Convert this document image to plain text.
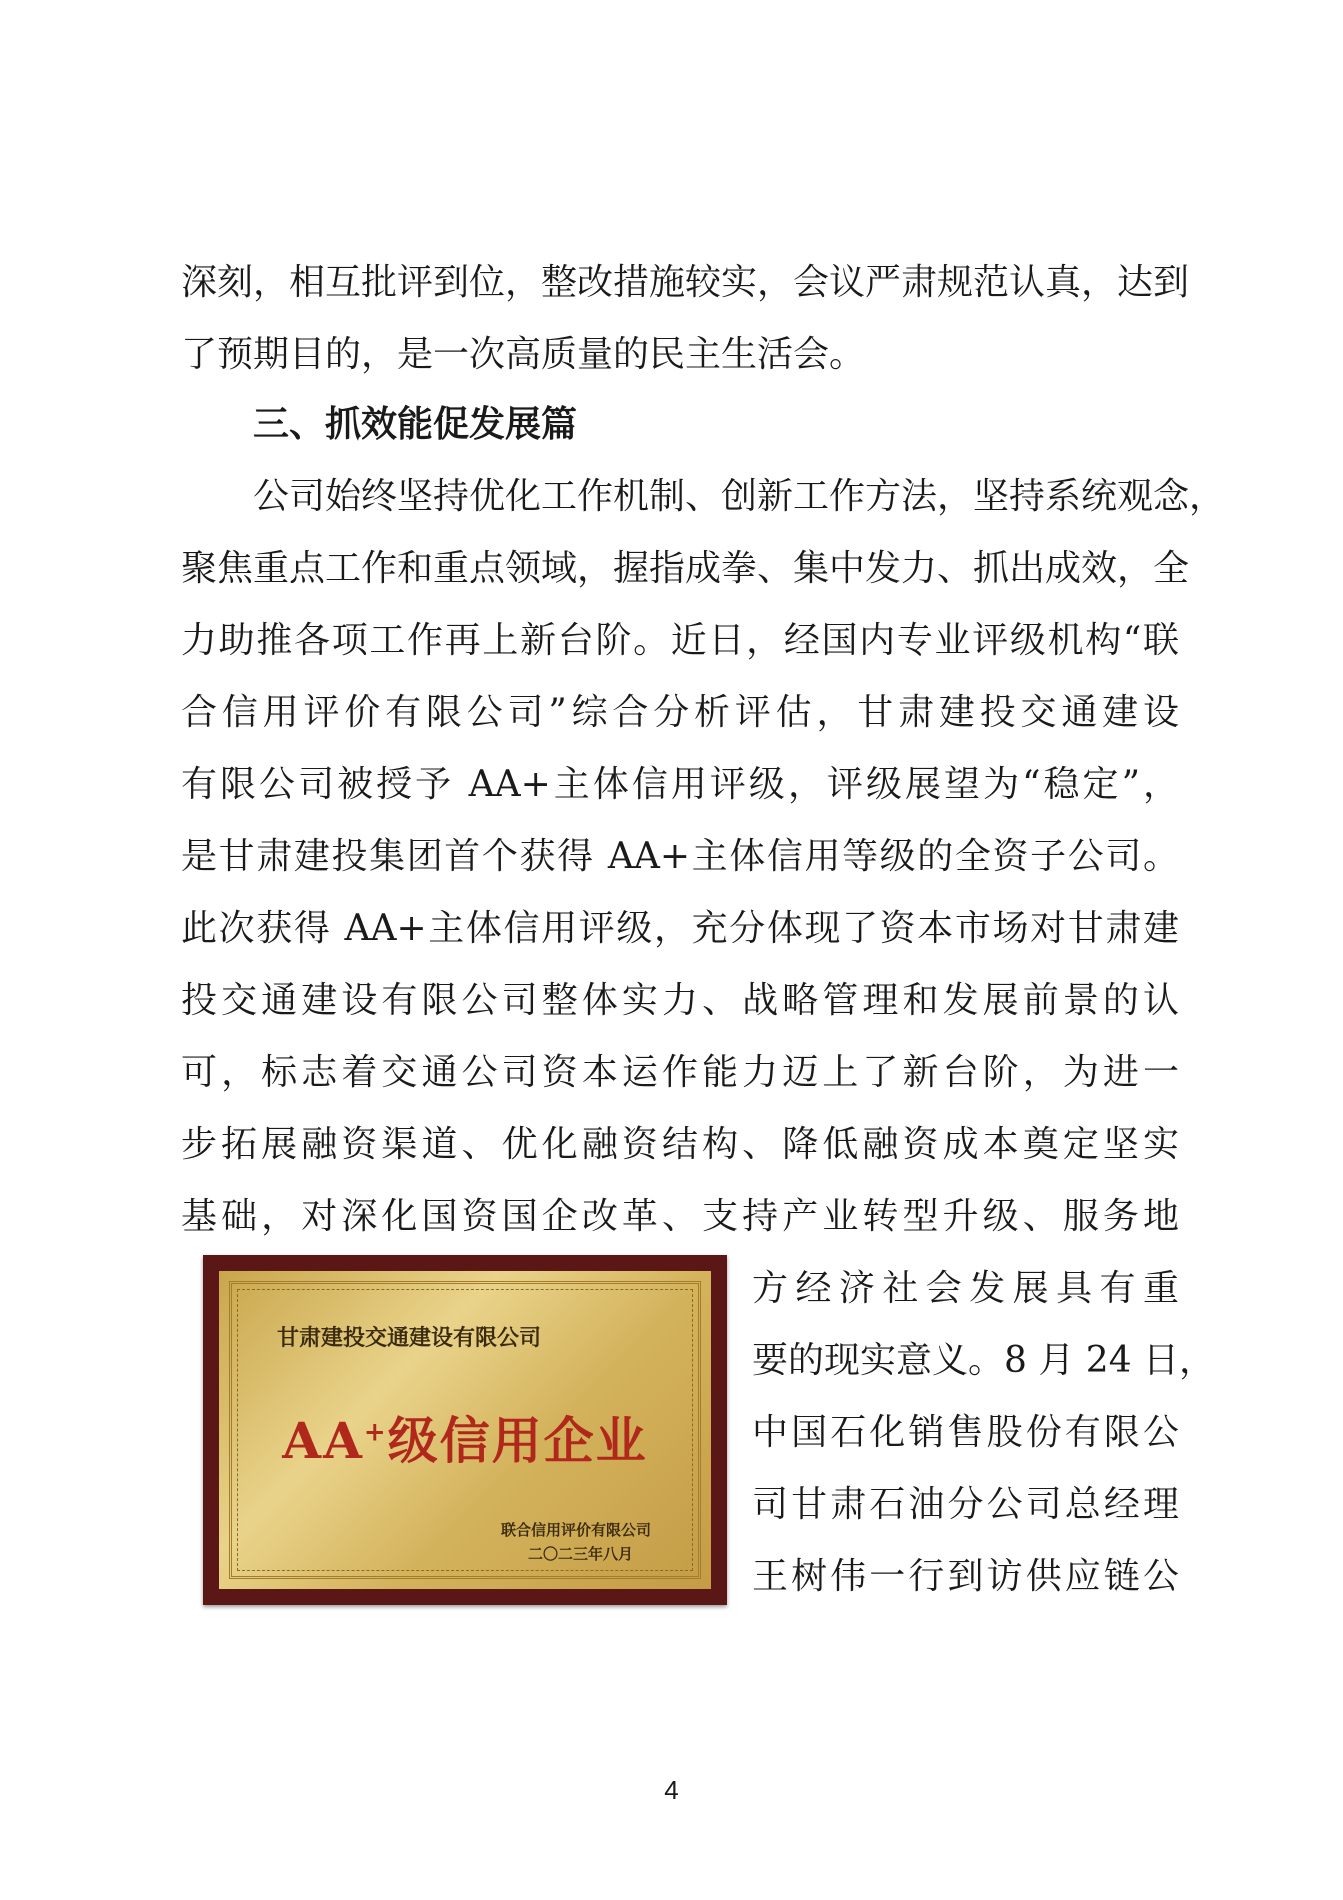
深刻，相互批评到位，整改措施较实，会议严肃规范认真，达到
了预期目的，是一次高质量的民主生活会。
三、抓效能促发展篇
公司始终坚持优化工作机制、创新工作方法，坚持系统观念，
聚焦重点工作和重点领域，握指成拳、集中发力、抓出成效，全
力助推各项工作再上新台阶。近日，经国内专业评级机构“联
合信用评价有限公司”综合分析评估，甘肃建投交通建设
有限公司被授予 AA+主体信用评级，评级展望为“稳定”，
是甘肃建投集团首个获得 AA+主体信用等级的全资子公司。
此次获得 AA+主体信用评级，充分体现了资本市场对甘肃建
投交通建设有限公司整体实力、战略管理和发展前景的认
可，标志着交通公司资本运作能力迈上了新台阶，为进一
步拓展融资渠道、优化融资结构、降低融资成本奠定坚实
基础，对深化国资国企改革、支持产业转型升级、服务地
甘肃建投交通建设有限公司
AA+级信用企业
联合信用评价有限公司
二〇二三年八月
方经济社会发展具有重
要的现实意义。8 月 24 日，
中国石化销售股份有限公
司甘肃石油分公司总经理
王树伟一行到访供应链公
4
